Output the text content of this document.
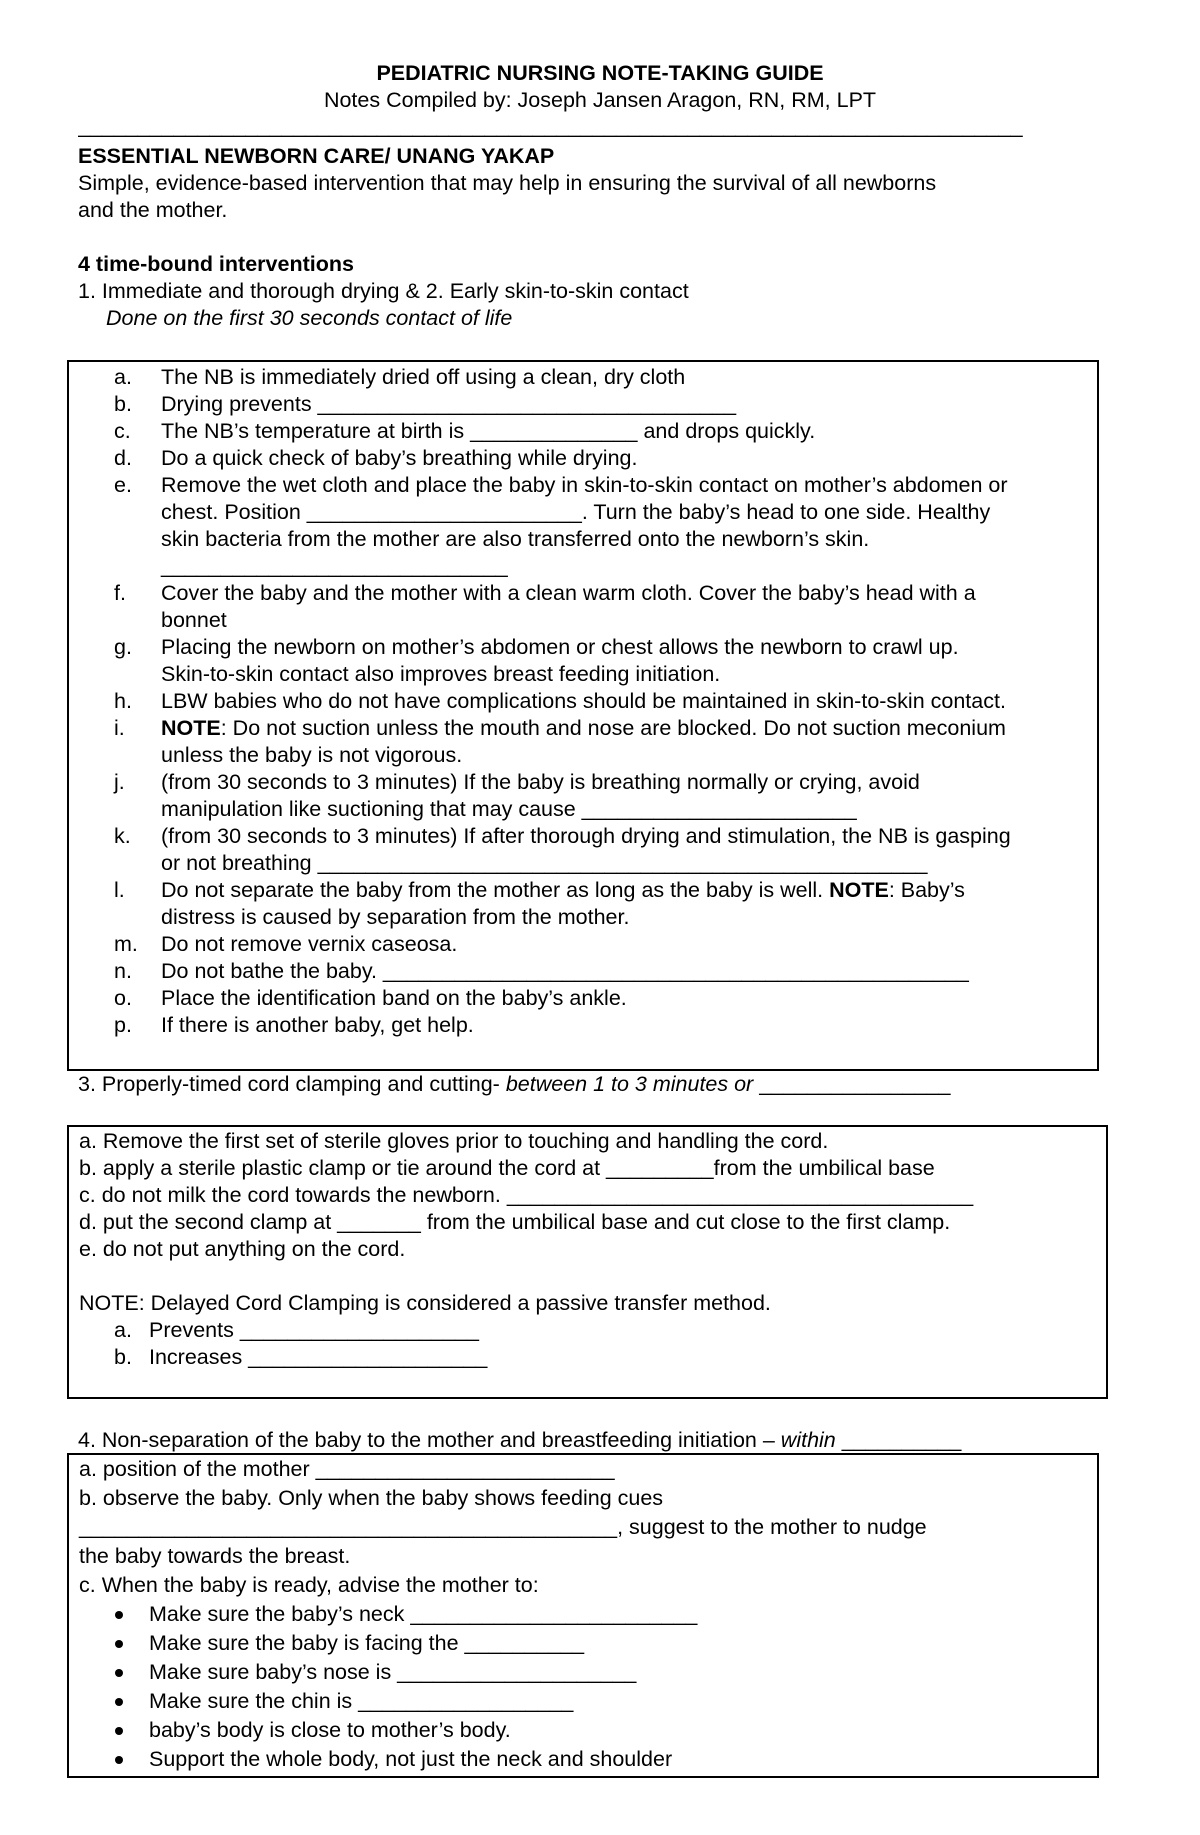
PEDIATRIC NURSING NOTE-TAKING GUIDE
Notes Compiled by: Joseph Jansen Aragon, RN, RM, LPT
_______________________________________________________________________________
ESSENTIAL NEWBORN CARE/ UNANG YAKAP
Simple, evidence-based intervention that may help in ensuring the survival of all newborns
and the mother.
4 time-bound interventions
1. Immediate and thorough drying & 2. Early skin-to-skin contact
Done on the first 30 seconds contact of life
a. The NB is immediately dried off using a clean, dry cloth
b. Drying prevents ___________________________________
c. The NB’s temperature at birth is ______________ and drops quickly.
d. Do a quick check of baby’s breathing while drying.
e. Remove the wet cloth and place the baby in skin-to-skin contact on mother’s abdomen or
chest. Position _______________________. Turn the baby’s head to one side. Healthy
skin bacteria from the mother are also transferred onto the newborn’s skin.
_____________________________
f. Cover the baby and the mother with a clean warm cloth. Cover the baby’s head with a
bonnet
g. Placing the newborn on mother’s abdomen or chest allows the newborn to crawl up.
Skin-to-skin contact also improves breast feeding initiation.
h. LBW babies who do not have complications should be maintained in skin-to-skin contact.
i. NOTE: Do not suction unless the mouth and nose are blocked. Do not suction meconium
unless the baby is not vigorous.
j. (from 30 seconds to 3 minutes) If the baby is breathing normally or crying, avoid
manipulation like suctioning that may cause _______________________
k. (from 30 seconds to 3 minutes) If after thorough drying and stimulation, the NB is gasping
or not breathing ___________________________________________________
l. Do not separate the baby from the mother as long as the baby is well. NOTE: Baby’s
distress is caused by separation from the mother.
m. Do not remove vernix caseosa.
n. Do not bathe the baby. _________________________________________________
o. Place the identification band on the baby’s ankle.
p. If there is another baby, get help.
3. Properly-timed cord clamping and cutting- between 1 to 3 minutes or ________________
a. Remove the first set of sterile gloves prior to touching and handling the cord.
b. apply a sterile plastic clamp or tie around the cord at _________from the umbilical base
c. do not milk the cord towards the newborn. _______________________________________
d. put the second clamp at _______ from the umbilical base and cut close to the first clamp.
e. do not put anything on the cord.
NOTE: Delayed Cord Clamping is considered a passive transfer method.
a. Prevents ____________________
b. Increases ____________________
4. Non-separation of the baby to the mother and breastfeeding initiation – within __________
a. position of the mother _________________________
b. observe the baby. Only when the baby shows feeding cues
_____________________________________________, suggest to the mother to nudge
the baby towards the breast.
c. When the baby is ready, advise the mother to:
Make sure the baby’s neck ________________________
Make sure the baby is facing the __________
Make sure baby’s nose is ____________________
Make sure the chin is __________________
baby’s body is close to mother’s body.
Support the whole body, not just the neck and shoulder
